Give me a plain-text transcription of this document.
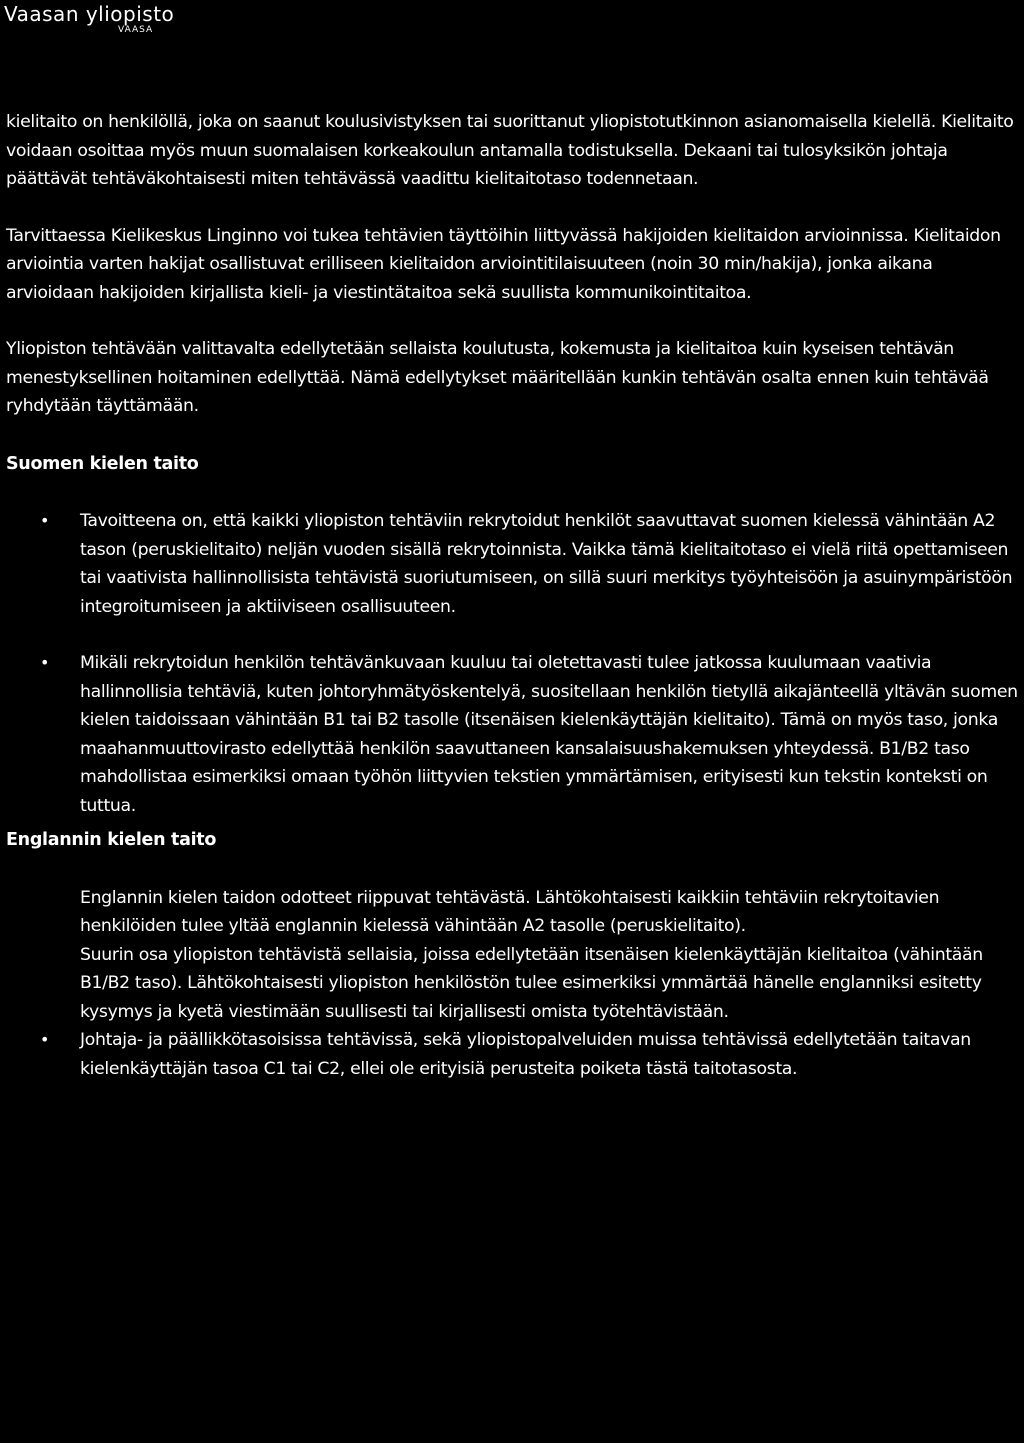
Vaasan yliopisto
VAASA

kielitaito on henkilöllä, joka on saanut koulusivistyksen tai suorittanut yliopistotutkinnon asianomaisella kielellä. Kielitaito voidaan osoittaa myös muun suomalaisen korkeakoulun antamalla todistuksella. Dekaani tai tulosyksikön johtaja päättävät tehtäväkohtaisesti miten tehtävässä vaadittu kielitaitotaso todennetaan.

Tarvittaessa Kielikeskus Linginno voi tukea tehtävien täyttöihin liittyvässä hakijoiden kielitaidon arvioinnissa. Kielitaidon arviointia varten hakijat osallistuvat erilliseen kielitaidon arviointitilaisuuteen (noin 30 min/hakija), jonka aikana arvioidaan hakijoiden kirjallista kieli- ja viestintätaitoa sekä suullista kommunikointitaitoa.

Yliopiston tehtävään valittavalta edellytetään sellaista koulutusta, kokemusta ja kielitaitoa kuin kyseisen tehtävän menestyksellinen hoitaminen edellyttää. Nämä edellytykset määritellään kunkin tehtävän osalta ennen kuin tehtävää ryhdytään täyttämään.

Suomen kielen taito
• Tavoitteena on, että kaikki yliopiston tehtäviin rekrytoidut henkilöt saavuttavat suomen kielessä vähintään A2 tason (peruskielitaito) neljän vuoden sisällä rekrytoinnista. Vaikka tämä kielitaitotaso ei vielä riitä opettamiseen tai vaativista hallinnollisista tehtävistä suoriutumiseen, on sillä suuri merkitys työyhteisöön ja asuinympäristöön integroitumiseen ja aktiiviseen osallisuuteen.
• Mikäli rekrytoidun henkilön tehtävänkuvaan kuuluu tai oletettavasti tulee jatkossa kuulumaan vaativia hallinnollisia tehtäviä, kuten johtoryhmätyöskentelyä, suositellaan henkilön tietyllä aikajänteellä yltävän suomen kielen taidoissaan vähintään B1 tai B2 tasolle (itsenäisen kielenkäyttäjän kielitaito). Tämä on myös taso, jonka maahanmuuttovirasto edellyttää henkilön saavuttaneen kansalaisuushakemuksen yhteydessä. B1/B2 taso mahdollistaa esimerkiksi omaan työhön liittyvien tekstien ymmärtämisen, erityisesti kun tekstin konteksti on tuttua.
Englannin kielen taito

Englannin kielen taidon odotteet riippuvat tehtävästä. Lähtökohtaisesti kaikkiin tehtäviin rekrytoitavien henkilöiden tulee yltää englannin kielessä vähintään A2 tasolle (peruskielitaito).

Suurin osa yliopiston tehtävistä sellaisia, joissa edellytetään itsenäisen kielenkäyttäjän kielitaitoa (vähintään B1/B2 taso). Lähtökohtaisesti yliopiston henkilöstön tulee esimerkiksi ymmärtää hänelle englanniksi esitetty kysymys ja kyetä viestimään suullisesti tai kirjallisesti omista työtehtävistään.

• Johtaja- ja päällikkötasoisissa tehtävissä, sekä yliopistopalveluiden muissa tehtävissä edellytetään taitavan kielenkäyttäjän tasoa C1 tai C2, ellei ole erityisiä perusteita poiketa tästä taitotasosta.
